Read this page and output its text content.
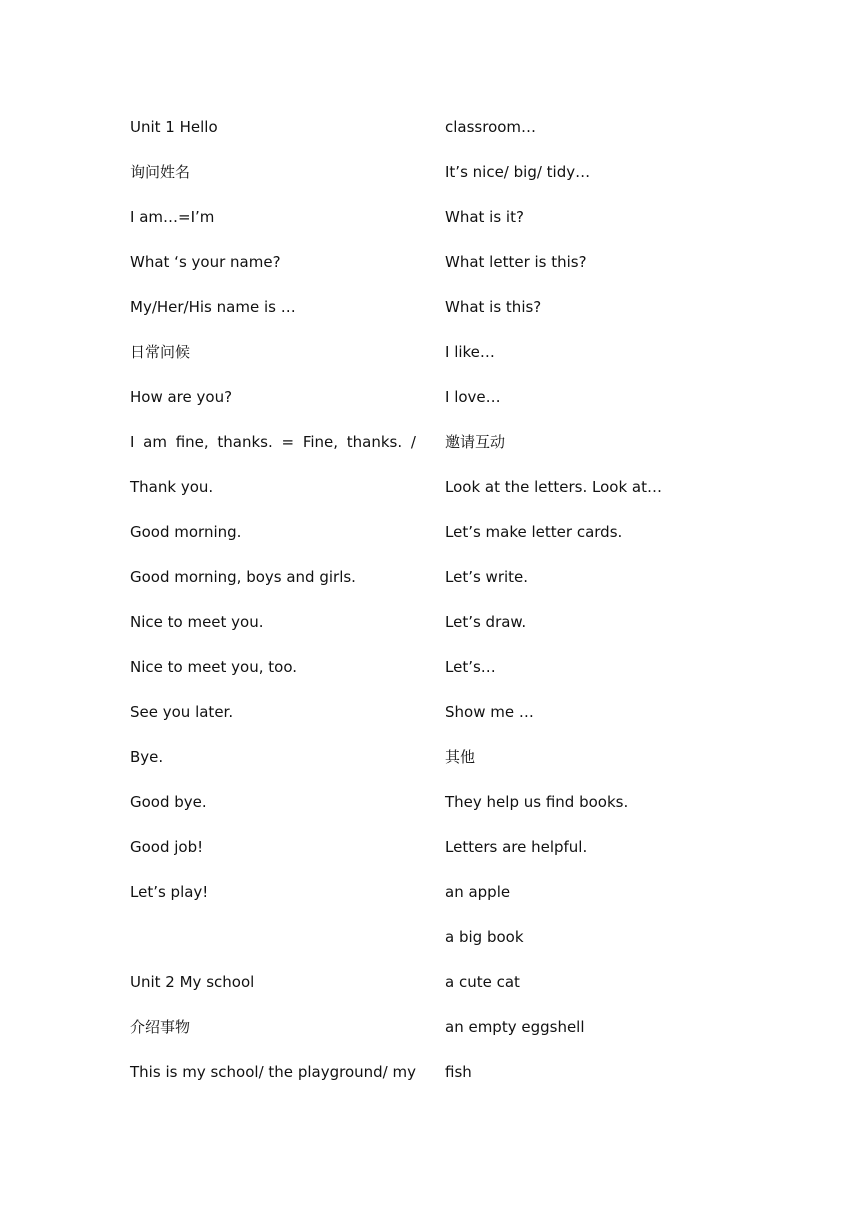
Unit 1 Hello
询问姓名
I am…=I’m
What ‘s your name?
My/Her/His name is …
日常问候
How are you?
I am fine, thanks. = Fine, thanks. /
Thank you.
Good morning.
Good morning, boys and girls.
Nice to meet you.
Nice to meet you, too.
See you later.
Bye.
Good bye.
Good job!
Let’s play!
Unit 2 My school
介绍事物
This is my school/ the playground/ my
classroom…
It’s nice/ big/ tidy…
What is it?
What letter is this?
What is this?
I like…
I love…
邀请互动
Look at the letters. Look at…
Let’s make letter cards.
Let’s write.
Let’s draw.
Let’s…
Show me …
其他
They help us find books.
Letters are helpful.
an apple
a big book
a cute cat
an empty eggshell
fish
